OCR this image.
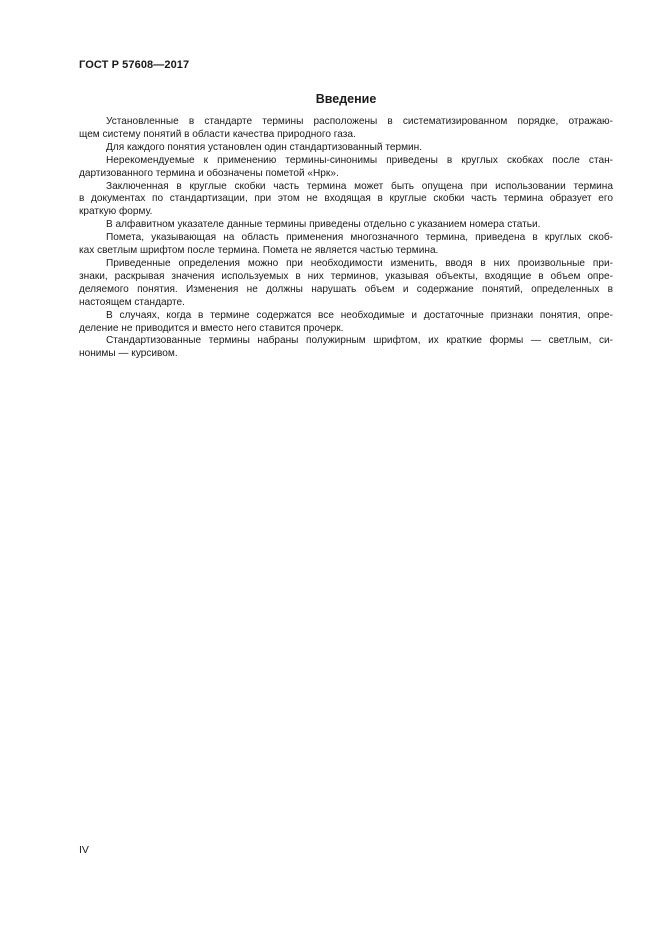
ГОСТ Р 57608—2017
Введение
Установленные в стандарте термины расположены в систематизированном порядке, отражаю-
щем систему понятий в области качества природного газа.
Для каждого понятия установлен один стандартизованный термин.
Нерекомендуемые к применению термины-синонимы приведены в круглых скобках после стан-
дартизованного термина и обозначены пометой «Нрк».
Заключенная в круглые скобки часть термина может быть опущена при использовании термина
в документах по стандартизации, при этом не входящая в круглые скобки часть термина образует его
краткую форму.
В алфавитном указателе данные термины приведены отдельно с указанием номера статьи.
Помета, указывающая на область применения многозначного термина, приведена в круглых скоб-
ках светлым шрифтом после термина. Помета не является частью термина.
Приведенные определения можно при необходимости изменить, вводя в них произвольные при-
знаки, раскрывая значения используемых в них терминов, указывая объекты, входящие в объем опре-
деляемого понятия. Изменения не должны нарушать объем и содержание понятий, определенных в
настоящем стандарте.
В случаях, когда в термине содержатся все необходимые и достаточные признаки понятия, опре-
деление не приводится и вместо него ставится прочерк.
Стандартизованные термины набраны полужирным шрифтом, их краткие формы — светлым, си-
нонимы — курсивом.
IV
